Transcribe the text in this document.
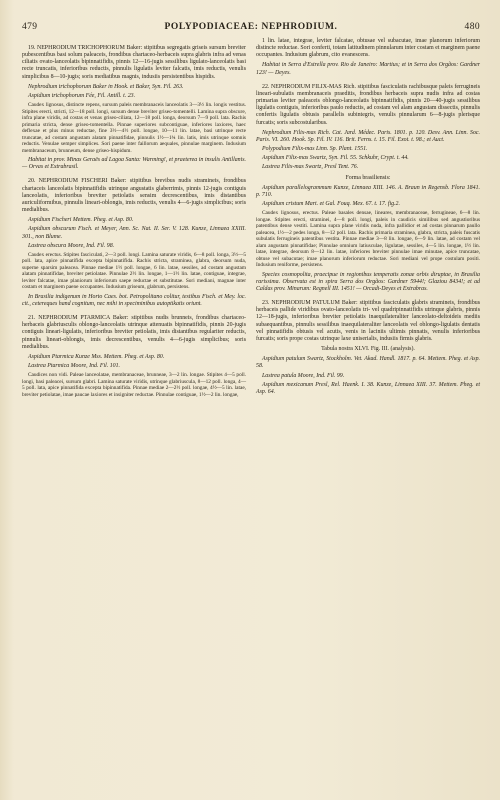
479	POLYPODIACEAE: NEPHRODIUM.	480

19. NEPHRODIUM TRICHOPHORUM Baker: stipitibus segregatis griseis sursum breviter pubescentibus basi solum paleaceis, frondibus chartaceo-herbaceis supra glabris infra ad venas ciliatis ovato-lanceolatis bipinnatifidis, pinnis 12—16-jugis sessilibus ligulato-lanceolatis basi recte truncatis, inferioribus reductis, pinnulis ligulatis leviter falcatis, imis reductis, venulis simplicibus 8—10-jugis; soris mediatibus magnis, indusiis persistentibus hispidis.

Nephrodium trichophorum Baker in Hook. et Baker, Syn. Fil. 263.

Aspidium trichophorum Fée, Fil. Antill. t. 23.

Caudex lignosus, distincte repens, sursum paleis membranaceis lanceolatis 3—3½ lin. longis vestitus. Stipites erecti, stricti, 12—18 poll. longi, sursum dense breviter griseo-tomentelli. Lamina supra obscure, infra plane viridis, ad costas et venas griseo-ciliata, 12—18 poll. longa, deorsum 7—9 poll. lata. Rachis primaria stricta, dense griseo-tomentella. Pinnae superiores subcontiguae, inferiores laxiores, haec deflexae et plus minus reductae, fine 3½—4½ poll. longae, 10—11 lin. latae, basi utrinque recte truncatae, ad costam angustam alatam pinnatifidae, pinnulis 1½—1¾ lin. latis, imis utrinque somnis reductis. Venulae semper simplices. Sori paene inter faillorum aequales, pinnulae marginem. Indusium membranaceum, brunneum, dense griseo-hispidum.

Habitat in prov. Minas Geraës ad Lagoa Santa: Warming!, et praeterea in insulis Antillanis. — Orvas et Extrabrasil.

20. NEPHRODIUM FISCHERI Baker: stipitibus brevibus nudis stramineis, frondibus chartaceis lanceolatis bipinnatifidis utrinque angustatis glaberrimis, pinnis 12-jugis contiguis lanceolatis, inferioribus breviter petiolatis sensim decrescentibus, imis distantibus auriculiformibus, pinnulis lineari-oblongis, imis reductis, venulis 4—6-jugis simplicibus; soris medialibus.

Aspidium Fischeri Mettem. Pheg. et Asp. 80.

Aspidium obscurum Fisch. et Meyer, Ann. Sc. Nat. II. Ser. V. 128. Kunze, Linnaea XXIII. 301., non Blume.

Lastrea obscura Moore, Ind. Fil. 98.

Caudex erectus. Stipites fasciculati, 2—3 poll. longi. Lamina saturate viridis, 6—8 poll. longa, 3½—5 poll. lata, apice pinnatifida excepta bipinnatifida. Rachis stricta, straminea, glabra, deorsum nuda, superne sparsim paleacea. Pinnae mediae 1½ poll. longae, 6 lin. latae, sessiles, ad costam angustam alatam pinnatifidae, breviter petiolatae. Pinnulae 2½ lin. longae, 1—1½ lin. latae, contiguae, integrae, leviter falcatae, imae planiorum inferiorum saepe reductae et substitutae. Sori mediani, magnae inter costam et marginem paene occupantes. Indusium griseum, glabrum, persistens.

In Brasilia indigenum in Horto Caes. bot. Petropolitano colitur, testibus Fisch. et Mey. loc. cit., cetereques hand cognitum, nec mihi in speciminibus autoptikatis oriunt.

21. NEPHRODIUM PTARMICA Baker: stipitibus nudis brunneis, frondibus chartaceo-herbaceis glabriusculis oblongo-lanceolatis utrinque attenuatis bipinnatifidis, pinnis 20-jugis contiguis lineari-ligulatis, inferioribus breviter petiolatis, imis distantibus regulariter reductis, pinnulis lineari-oblongis, imis decrescentibus, venulis 4—6-jugis simplicibus; soris medialibus.

Aspidium Ptarmica Kunze Mss. Mettem. Pheg. et Asp. 80.

Lastrea Ptarmica Moore, Ind. Fil. 101.

Caudices non vidi. Paleae lanceolatae, membranaceae, brunneae, 3—2 lin. longae. Stipites 4—5 poll. longi, basi paleacei, sursum glabri. Lamina saturate viridis, utrinque glabriuscula, 8—12 poll. longa, 4—5 poll. lata, apice pinnatifida excepta bipinnatifida. Pinnae mediae 2—2½ poll. longae, 4½—5 lin. latae, breviter petiolatae, imae paucae laxiores et insigniter reductae. Pinnulae contiguae, 1½—2 lin. longae,

1 lin. latae, integrae, leviter falcatae, obtusae vel subacutae, imae planorum inferiorum distincte reductae. Sori conferti, totam latitudinem pinnularum inter costam et marginem paene occupantes. Indusium glabrum, cito evanescens.

Habitat in Serra d'Estrella prov. Rio de Janeiro: Martius; et in Serra dos Orgãos: Gardner 123! — Deyes.

22. NEPHRODIUM FILIX-MAS Rich. stipitibus fasciculatis rachibusque paleis ferrugineis lineari-subulatis membranaceis praeditis, frondibus herbaceis supra nudis infra ad costas primarias leviter paleaceis oblongo-lanceolatis bipinnatifidis, pinnis 20—40-jugis sessilibus ligulatis contiguis, inferioribus paulo reductis, ad costam vel alam angustam dissectis, pinnulis confertis ligulatis obtusis parallelis subintegris, venulis pinnularum 6—8-jugis plerisque furcatis; soris subcostularibus.

Nephrodium Filix-mas Rich. Cat. Jard. Médec. Paris. 1801. p. 120. Desv. Ann. Linn. Soc. Paris. VI. 260. Hook. Sp. Fil. IV. 116. Brit. Ferns. t. 15. Fil. Exot. t. 98.; et Auct.

Polypodium Filix-mas Linn. Sp. Plant. 1551.

Aspidium Filix-mas Swartz, Syn. Fil. 55. Schkuhr, Crypt. t. 44.

Lastrea Filix-mas Swartz, Presl Tent. 76.

Forma brasiliensis:

Aspidium parallelogrammum Kunze, Linnaea XIII. 146. A. Braun in Regensb. Flora 1841. p. 710.

Aspidium cristum Mart. et Gal. Fouq. Mex. 67. t. 17. fig.2.

Caudex lignosus, erectus. Paleae basales densae, lineares, membranaceae, ferrugineae, 6—8 lin. longae. Stipites erecti, straminei, 4—8 poll. longi, paleis in caudicis similibus sed angustioribus patentibus dense vestiti. Lamina supra plane viridis nuda, infra pallidior et ad costas pinnarum paullo paleacea, 1½—2 pedes longa, 8—12 poll. lata. Rachis primaria straminea, glabra, stricta, paleis fuscatis subulatis ferrugineis patentibus vestita. Pinnae mediae 3—8 lin. longae, 6—9 lin. latae, ad costam vel alam angustam pinnatifidae; Pinnulae omnium latiusculae, ligulatae, sessiles, 4—5 lin. longae, 1½ lin. latae, integrae, deorsum 8—12 lin. latae, inferiores breviter pinnulae imae minutae, apice truncatae, obtuse vel subacutae; imae planorum inferiorum reductae. Sori mediani vel prope costulam positi. Indusium reniforme, persistens.

Species cosmopolita, praecipue in regionibus temperatis zonae orbis diruptae, in Brasilia rarissima. Observata est in spira Serra dos Orgãos: Gardner 5944!; Glaziou 8434!; et ad Caldas prov. Minarum: Regnell III. 1451! — Orcadi-Deyes et Extrabras.

23. NEPHRODIUM PATULUM Baker: stipitibus fasciculatis glabris stramineis, frondibus herbaceis pallide viridibus ovato-lanceolatis tri- vel quadripinnatifidis utrinque glabris, pinnis 12—18-jugis, inferioribus breviter petiolatis inaequilateraliter lanceolato-deltoideis mediis subaequantibus, pinnulis sessilibus inaequilateraliter lanceolatis vel oblongo-ligulatis dentatis vel pinnatifidis obtusis vel acutis, venis in laciniis ultimis pinnatis, venulis inferioribus furcatis; soris prope costas utrinque laxe uniserialis, indusiis firmis glabris.

Tabula nostra XLVI. Fig. III. (analysis).

Aspidium patulum Swartz, Stockholm. Vet. Akad. Handl. 1817. p. 64. Mettem. Pheg. et Asp. 58.

Lastrea patula Moore, Ind. Fil. 99.

Aspidium mexicanum Presl, Rel. Haenk. I. 38. Kunze, Linnaea XIII. 37. Mettem. Pheg. et Asp. 64.
